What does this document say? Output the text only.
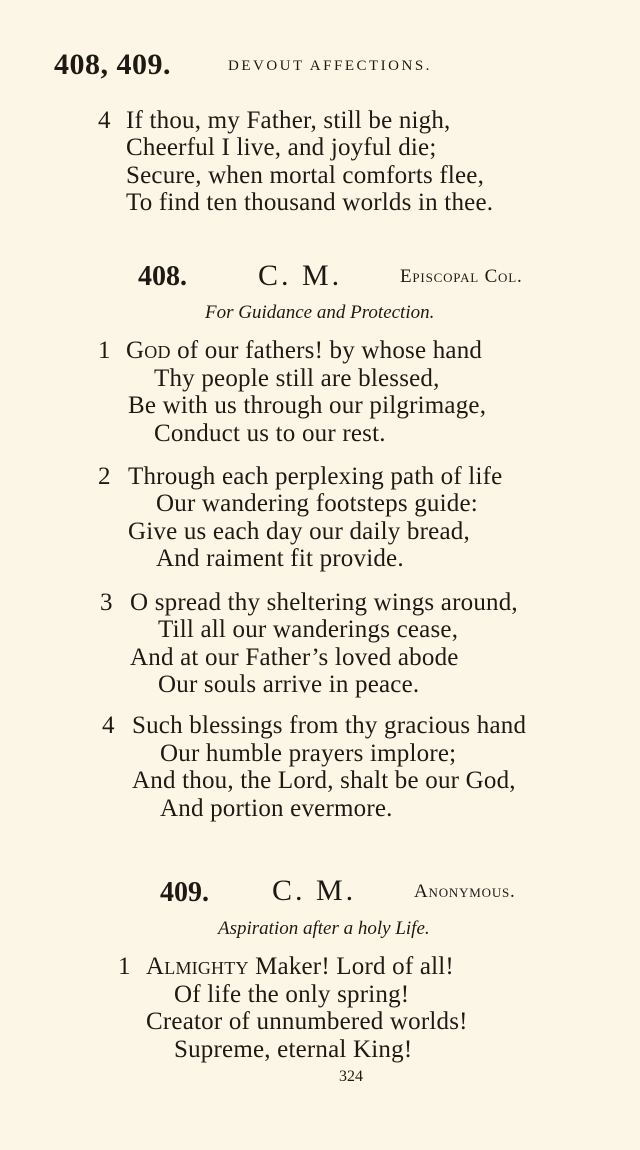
408, 409.	DEVOUT AFFECTIONS.
4 If thou, my Father, still be nigh,
Cheerful I live, and joyful die;
Secure, when mortal comforts flee,
To find ten thousand worlds in thee.
408. C. M.	Episcopal Col.
For Guidance and Protection.
1 God of our fathers! by whose hand
Thy people still are blessed,
Be with us through our pilgrimage,
Conduct us to our rest.
2 Through each perplexing path of life
Our wandering footsteps guide:
Give us each day our daily bread,
And raiment fit provide.
3 O spread thy sheltering wings around,
Till all our wanderings cease,
And at our Father’s loved abode
Our souls arrive in peace.
4 Such blessings from thy gracious hand
Our humble prayers implore;
And thou, the Lord, shalt be our God,
And portion evermore.
409. C. M.	Anonymous.
Aspiration after a holy Life.
1 Almighty Maker! Lord of all!
Of life the only spring!
Creator of unnumbered worlds!
Supreme, eternal King!
324
